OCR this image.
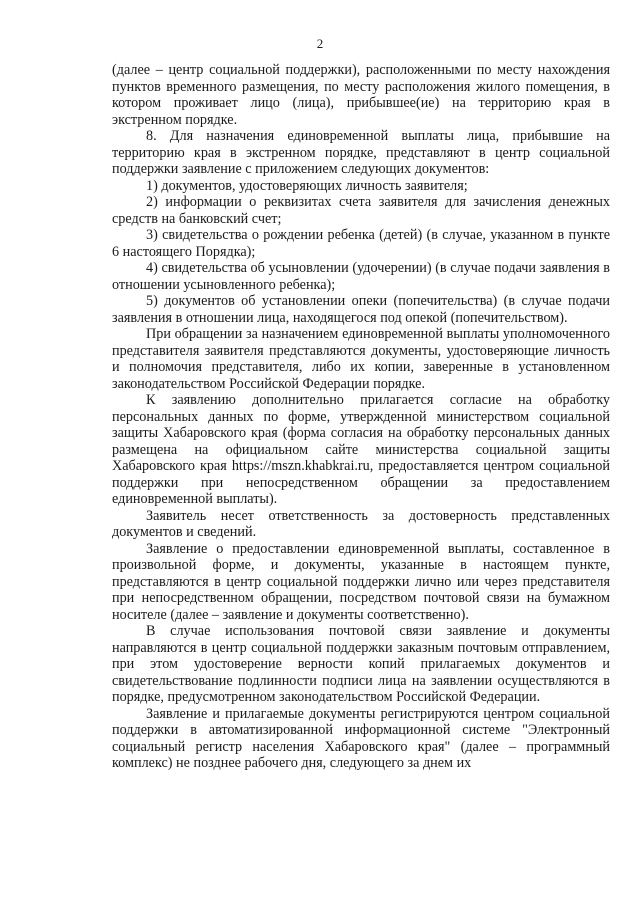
2

(далее – центр социальной поддержки), расположенными по месту нахождения пунктов временного размещения, по месту расположения жилого помещения, в котором проживает лицо (лица), прибывшее(ие) на территорию края в экстренном порядке.

8. Для назначения единовременной выплаты лица, прибывшие на территорию края в экстренном порядке, представляют в центр социальной поддержки заявление с приложением следующих документов:

1) документов, удостоверяющих личность заявителя;

2) информации о реквизитах счета заявителя для зачисления денежных средств на банковский счет;

3) свидетельства о рождении ребенка (детей) (в случае, указанном в пункте 6 настоящего Порядка);

4) свидетельства об усыновлении (удочерении) (в случае подачи заявления в отношении усыновленного ребенка);

5) документов об установлении опеки (попечительства) (в случае подачи заявления в отношении лица, находящегося под опекой (попечительством).

При обращении за назначением единовременной выплаты уполномоченного представителя заявителя представляются документы, удостоверяющие личность и полномочия представителя, либо их копии, заверенные в установленном законодательством Российской Федерации порядке.

К заявлению дополнительно прилагается согласие на обработку персональных данных по форме, утвержденной министерством социальной защиты Хабаровского края (форма согласия на обработку персональных данных размещена на официальном сайте министерства социальной защиты Хабаровского края https://mszn.khabkrai.ru, предоставляется центром социальной поддержки при непосредственном обращении за предоставлением единовременной выплаты).

Заявитель несет ответственность за достоверность представленных документов и сведений.

Заявление о предоставлении единовременной выплаты, составленное в произвольной форме, и документы, указанные в настоящем пункте, представляются в центр социальной поддержки лично или через представителя при непосредственном обращении, посредством почтовой связи на бумажном носителе (далее – заявление и документы соответственно).

В случае использования почтовой связи заявление и документы направляются в центр социальной поддержки заказным почтовым отправлением, при этом удостоверение верности копий прилагаемых документов и свидетельствование подлинности подписи лица на заявлении осуществляются в порядке, предусмотренном законодательством Российской Федерации.

Заявление и прилагаемые документы регистрируются центром социальной поддержки в автоматизированной информационной системе "Электронный социальный регистр населения Хабаровского края" (далее – программный комплекс) не позднее рабочего дня, следующего за днем их
